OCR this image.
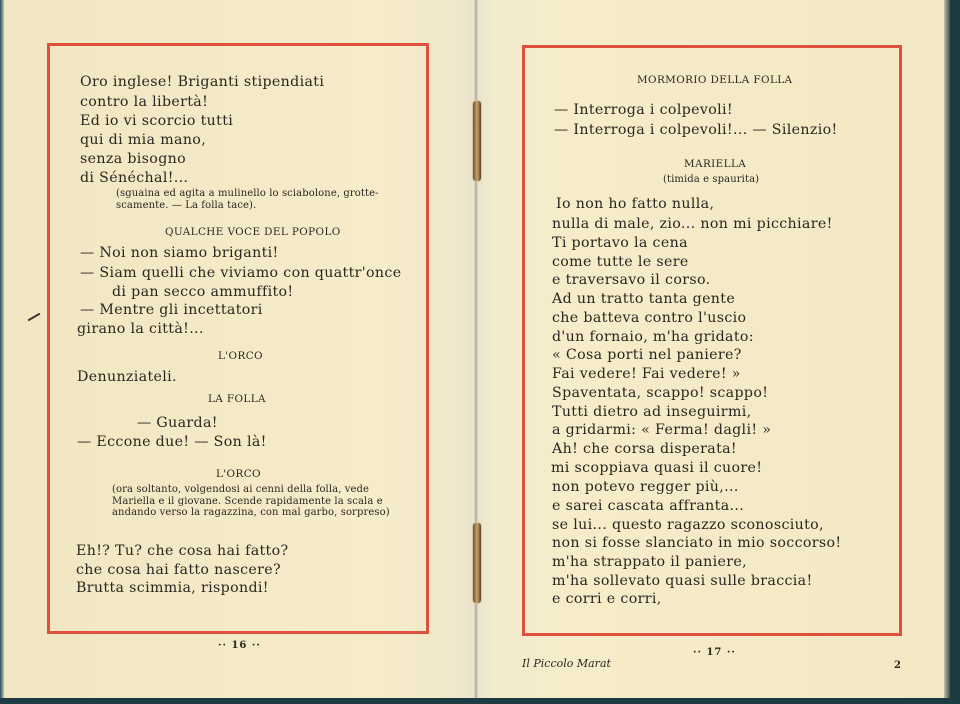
Oro inglese! Briganti stipendiati
contro la libertà!
Ed io vi scorcio tutti
qui di mia mano,
senza bisogno
di Sénéchal!...
(sguaina ed agita a mulinello lo sciabolone, grotte-scamente. — La folla tace).
QUALCHE VOCE DEL POPOLO
— Noi non siamo briganti!
— Siam quelli che viviamo con quattr'once
di pan secco ammuffito!
— Mentre gli incettatori
girano la città!...
L'ORCO
Denunziateli.
LA FOLLA
— Guarda!
— Eccone due! — Son là!
L'ORCO
(ora soltanto, volgendosi ai cenni della folla, vede Mariella e il giovane. Scende rapidamente la scala e andando verso la ragazzina, con mal garbo, sorpreso)
Eh!? Tu? che cosa hai fatto?
che cosa hai fatto nascere?
Brutta scimmia, rispondi!
·· 16 ··
MORMORIO DELLA FOLLA
— Interroga i colpevoli!
— Interroga i colpevoli!... — Silenzio!
MARIELLA
(timida e spaurita)
Io non ho fatto nulla,
nulla di male, zio... non mi picchiare!
Ti portavo la cena
come tutte le sere
e traversavo il corso.
Ad un tratto tanta gente
che batteva contro l'uscio
d'un fornaio, m'ha gridato:
« Cosa porti nel paniere?
Fai vedere! Fai vedere! »
Spaventata, scappo! scappo!
Tutti dietro ad inseguirmi,
a gridarmi: « Ferma! dagli! »
Ah! che corsa disperata!
mi scoppiava quasi il cuore!
non potevo regger più,...
e sarei cascata affranta...
se lui... questo ragazzo sconosciuto,
non si fosse slanciato in mio soccorso!
m'ha strappato il paniere,
m'ha sollevato quasi sulle braccia!
e corri e corri,
·· 17 ··
Il Piccolo Marat	2
